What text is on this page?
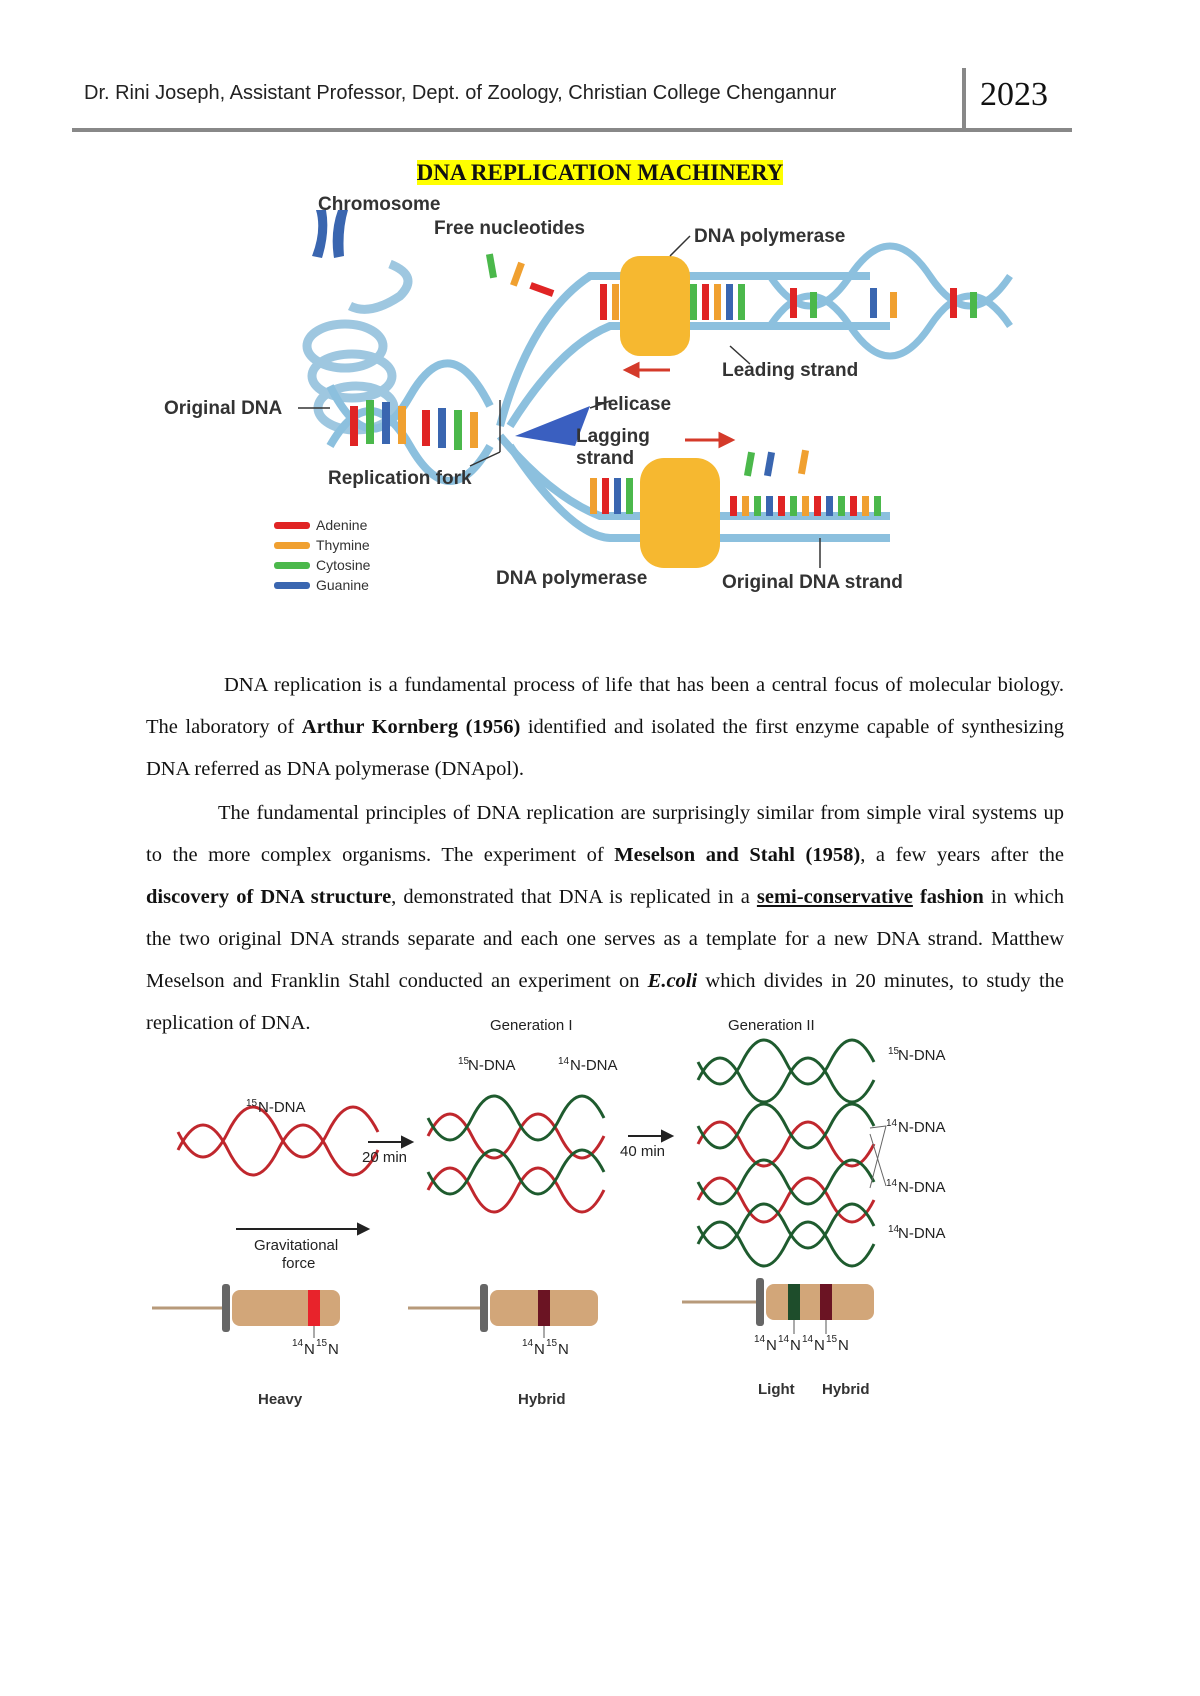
Dr. Rini Joseph, Assistant Professor, Dept. of Zoology, Christian College Chengannur	2023
DNA REPLICATION MACHINERY
Chromosome
Free nucleotides	DNA polymerase
Leading strand
Original DNA	Helicase
Lagging
strand
Replication fork
DNA polymerase	Original DNA strand
Adenine
Thymine
Cytosine
Guanine
DNA replication is a fundamental process of life that has been a central focus of molecular biology. The laboratory of Arthur Kornberg (1956) identified and isolated the first enzyme capable of synthesizing DNA referred as DNA polymerase (DNApol).
The fundamental principles of DNA replication are surprisingly similar from simple viral systems up to the more complex organisms. The experiment of Meselson and Stahl (1958), a few years after the discovery of DNA structure, demonstrated that DNA is replicated in a semi-conservative fashion in which the two original DNA strands separate and each one serves as a template for a new DNA strand. Matthew Meselson and Franklin Stahl conducted an experiment on E.coli which divides in 20 minutes, to study the replication of DNA.
15 N-DNA
20 min
Generation I
15
N-DNA	14 N-DNA
40 min
Generation II
15
N-DNA
14 N-DNA
14 N-DNA
14
N-DNA
Gravitational
force
14 N 15 N	14 N 15 N
14 N 14 N 14 N 15 N
Heavy	Hybrid
Light Hybrid
